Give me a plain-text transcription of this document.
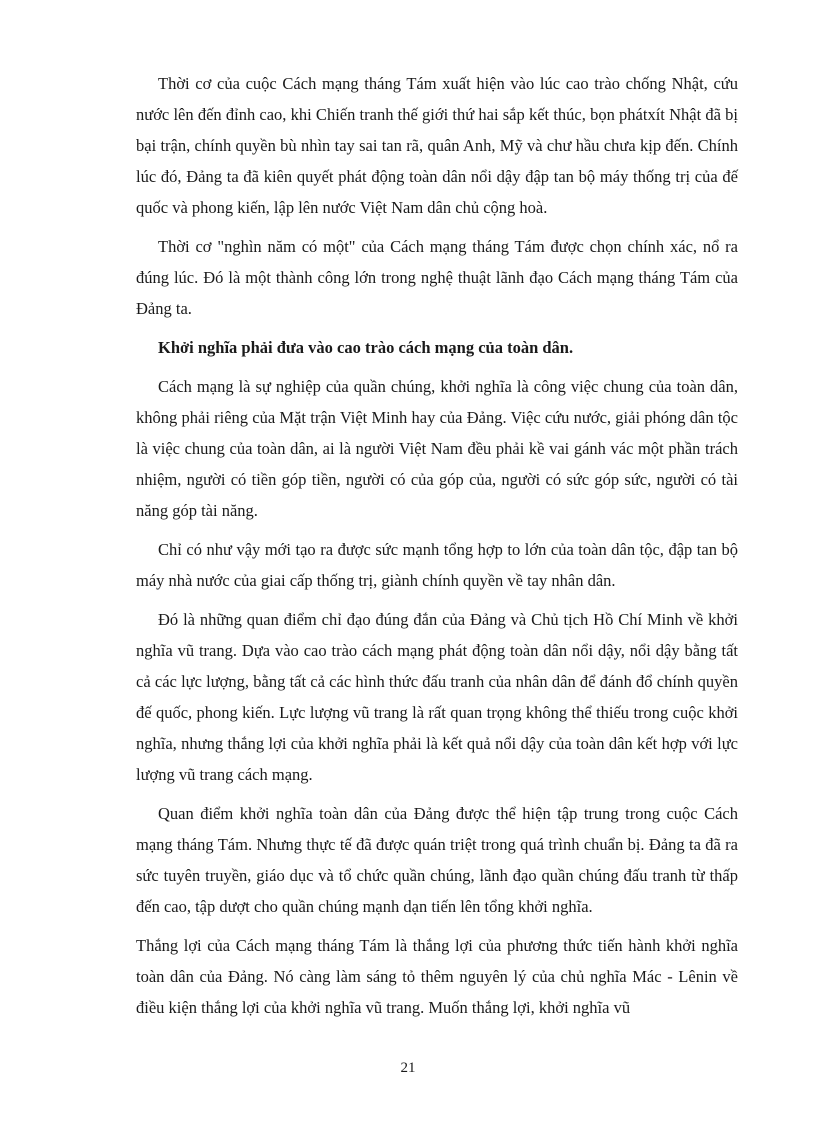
Thời cơ của cuộc Cách mạng tháng Tám xuất hiện vào lúc cao trào chống Nhật, cứu nước lên đến đỉnh cao, khi Chiến tranh thế giới thứ hai sắp kết thúc, bọn phátxít Nhật đã bị bại trận, chính quyền bù nhìn tay sai tan rã, quân Anh, Mỹ và chư hầu chưa kịp đến. Chính lúc đó, Đảng ta đã kiên quyết phát động toàn dân nổi dậy đập tan bộ máy thống trị của đế quốc và phong kiến, lập lên nước Việt Nam dân chủ cộng hoà.

Thời cơ "nghìn năm có một" của Cách mạng tháng Tám được chọn chính xác, nổ ra đúng lúc. Đó là một thành công lớn trong nghệ thuật lãnh đạo Cách mạng tháng Tám của Đảng ta.

Khởi nghĩa phải đưa vào cao trào cách mạng của toàn dân.

Cách mạng là sự nghiệp của quần chúng, khởi nghĩa là công việc chung của toàn dân, không phải riêng của Mặt trận Việt Minh hay của Đảng. Việc cứu nước, giải phóng dân tộc là việc chung của toàn dân, ai là người Việt Nam đều phải kề vai gánh vác một phần trách nhiệm, người có tiền góp tiền, người có của góp của, người có sức góp sức, người có tài năng góp tài năng.

Chỉ có như vậy mới tạo ra được sức mạnh tổng hợp to lớn của toàn dân tộc, đập tan bộ máy nhà nước của giai cấp thống trị, giành chính quyền về tay nhân dân.

Đó là những quan điểm chỉ đạo đúng đắn của Đảng và Chủ tịch Hồ Chí Minh về khởi nghĩa vũ trang. Dựa vào cao trào cách mạng phát động toàn dân nổi dậy, nổi dậy bằng tất cả các lực lượng, bằng tất cả các hình thức đấu tranh của nhân dân để đánh đổ chính quyền đế quốc, phong kiến. Lực lượng vũ trang là rất quan trọng không thể thiếu trong cuộc khởi nghĩa, nhưng thắng lợi của khởi nghĩa phải là kết quả nổi dậy của toàn dân kết hợp với lực lượng vũ trang cách mạng.

Quan điểm khởi nghĩa toàn dân của Đảng được thể hiện tập trung trong cuộc Cách mạng tháng Tám. Nhưng thực tế đã được quán triệt trong quá trình chuẩn bị. Đảng ta đã ra sức tuyên truyền, giáo dục và tổ chức quần chúng, lãnh đạo quần chúng đấu tranh từ thấp đến cao, tập dượt cho quần chúng mạnh dạn tiến lên tổng khởi nghĩa.

Thắng lợi của Cách mạng tháng Tám là thắng lợi của phương thức tiến hành khởi nghĩa toàn dân của Đảng. Nó càng làm sáng tỏ thêm nguyên lý của chủ nghĩa Mác - Lênin về điều kiện thắng lợi của khởi nghĩa vũ trang. Muốn thắng lợi, khởi nghĩa vũ

21
